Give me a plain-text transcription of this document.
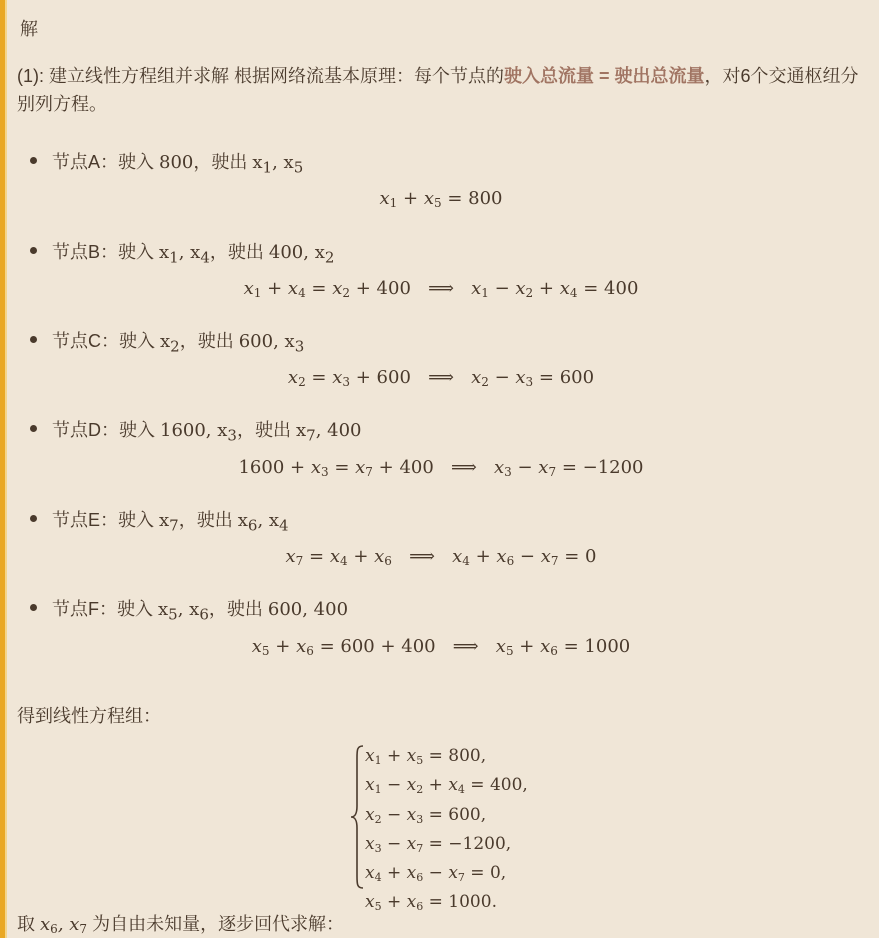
解
(1): 建立线性方程组并求解 根据网络流基本原理：每个节点的驶入总流量 = 驶出总流量，对6个交通枢纽分别列方程。
节点A：驶入 800，驶出 $x_1$, $x_5$
$x_1 + x_5 = 800$
节点B：驶入 $x_1$, $x_4$，驶出 400, $x_2$
$x_1 + x_4 = x_2 + 400$   ⟹   $x_1 - x_2 + x_4 = 400$
节点C：驶入 $x_2$，驶出 600, $x_3$
$x_2 = x_3 + 600$   ⟹   $x_2 - x_3 = 600$
节点D：驶入 1600, $x_3$，驶出 $x_7$, 400
$1600 + x_3 = x_7 + 400$   ⟹   $x_3 - x_7 = -1200$
节点E：驶入 $x_7$，驶出 $x_6$, $x_4$
$x_7 = x_4 + x_6$   ⟹   $x_4 + x_6 - x_7 = 0$
节点F：驶入 $x_5$, $x_6$，驶出 600, 400
$x_5 + x_6 = 600 + 400$   ⟹   $x_5 + x_6 = 1000$
得到线性方程组：
$x_1 + x_5 = 800$,
$x_1 - x_2 + x_4 = 400$,
$x_2 - x_3 = 600$,
$x_3 - x_7 = -1200$,
$x_4 + x_6 - x_7 = 0$,
$x_5 + x_6 = 1000$.
取 $x_6$, $x_7$ 为自由未知量，逐步回代求解：
